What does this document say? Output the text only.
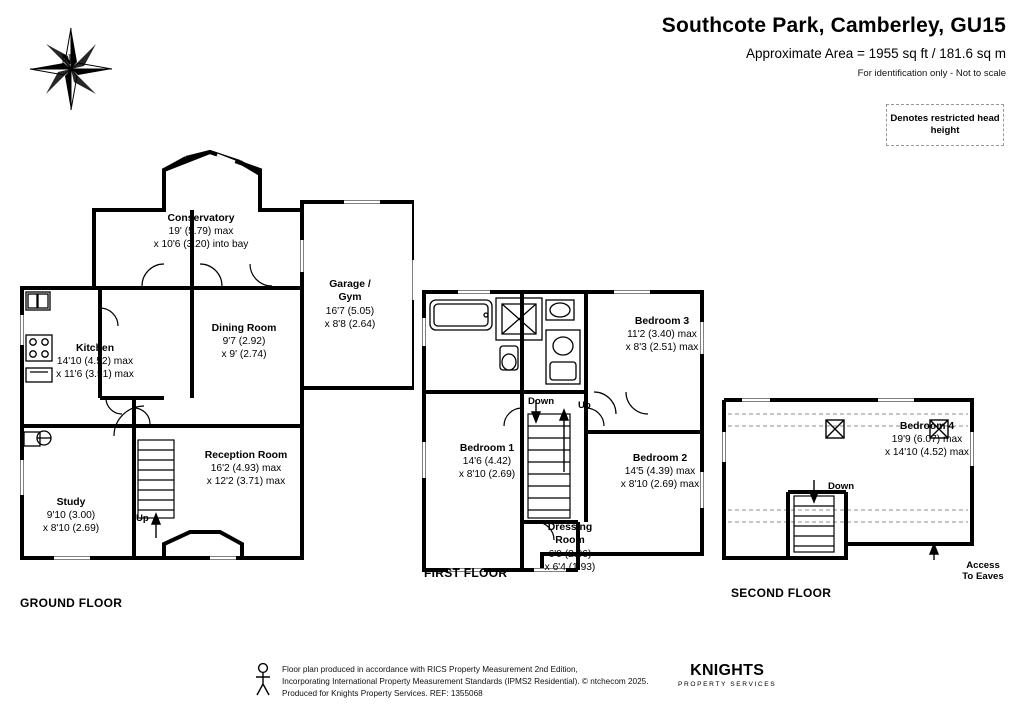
Southcote Park, Camberley, GU15
Approximate Area = 1955 sq ft / 181.6 sq m
For identification only - Not to scale
Denotes restricted head height
N
Conservatory
19' (5.79) max
x 10'6 (3.20) into bay
Kitchen
14'10 (4.52) max
x 11'6 (3.51) max
Dining Room
9'7 (2.92)
x 9' (2.74)
Garage /
Gym
16'7 (5.05)
x 8'8 (2.64)
Reception Room
16'2 (4.93) max
x 12'2 (3.71) max
Study
9'10 (3.00)
x 8'10 (2.69)
Up
GROUND FLOOR
Bedroom 3
11'2 (3.40) max
x 8'3 (2.51) max
Bedroom 1
14'6 (4.42)
x 8'10 (2.69)
Bedroom 2
14'5 (4.39) max
x 8'10 (2.69) max
Dressing
Room
6'9 (2.06)
x 6'4 (1.93)
Down Up
FIRST FLOOR
Bedroom 4
19'9 (6.07) max
x 14'10 (4.52) max
Down
Access
To Eaves
SECOND FLOOR
Floor plan produced in accordance with RICS Property Measurement 2nd Edition,
Incorporating International Property Measurement Standards (IPMS2 Residential). © ntchecom 2025.
Produced for Knights Property Services. REF: 1355068
KNIGHTS
PROPERTY SERVICES
